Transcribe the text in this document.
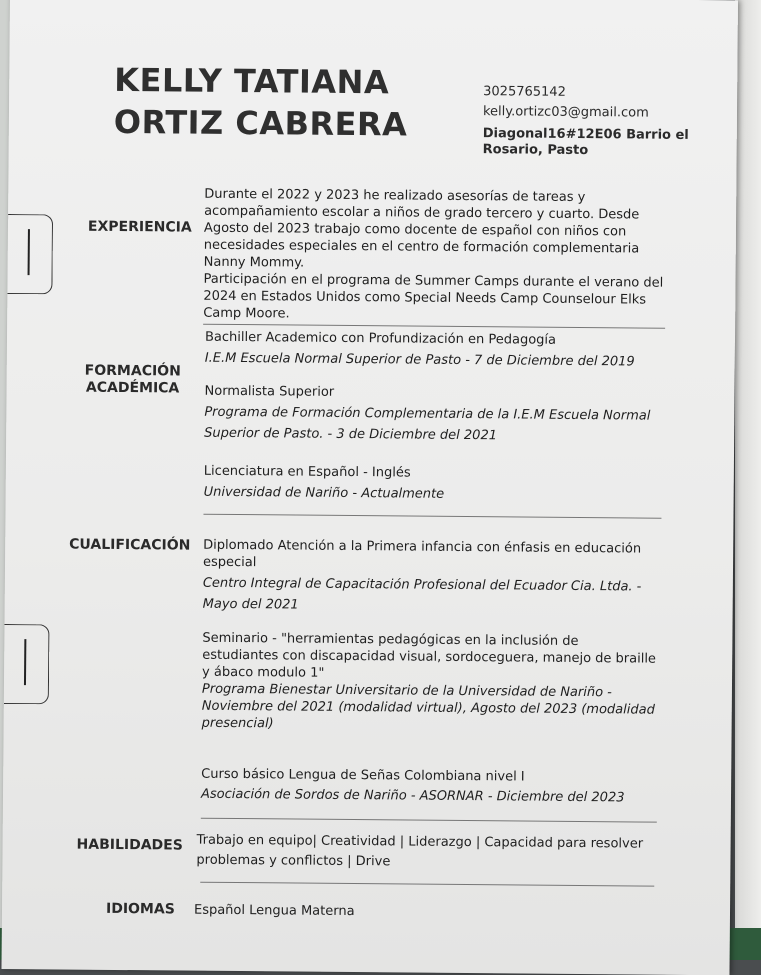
KELLY TATIANA
ORTIZ CABRERA
3025765142
kelly.ortizc03@gmail.com
Diagonal16#12E06 Barrio el
Rosario, Pasto
EXPERIENCIA
Durante el 2022 y 2023 he realizado asesorías de tareas y
acompañamiento escolar a niños de grado tercero y cuarto. Desde
Agosto del 2023 trabajo como docente de español con niños con
necesidades especiales en el centro de formación complementaria
Nanny Mommy.
Participación en el programa de Summer Camps durante el verano del
2024 en Estados Unidos como Special Needs Camp Counselour Elks
Camp Moore.
FORMACIÓN
ACADÉMICA
Bachiller Academico con Profundización en Pedagogía
I.E.M Escuela Normal Superior de Pasto - 7 de Diciembre del 2019
Normalista Superior
Programa de Formación Complementaria de la I.E.M Escuela Normal
Superior de Pasto. - 3 de Diciembre del 2021
Licenciatura en Español - Inglés
Universidad de Nariño - Actualmente
CUALIFICACIÓN Diplomado Atención a la Primera infancia con énfasis en educación
especial
Centro Integral de Capacitación Profesional del Ecuador Cia. Ltda. -
Mayo del 2021
Seminario - "herramientas pedagógicas en la inclusión de
estudiantes con discapacidad visual, sordoceguera, manejo de braille
y ábaco modulo 1"
Programa Bienestar Universitario de la Universidad de Nariño -
Noviembre del 2021 (modalidad virtual), Agosto del 2023 (modalidad
presencial)
Curso básico Lengua de Señas Colombiana nivel I
Asociación de Sordos de Nariño - ASORNAR - Diciembre del 2023
HABILIDADES Trabajo en equipo| Creatividad | Liderazgo | Capacidad para resolver
problemas y conflictos | Drive
IDIOMAS Español Lengua Materna
